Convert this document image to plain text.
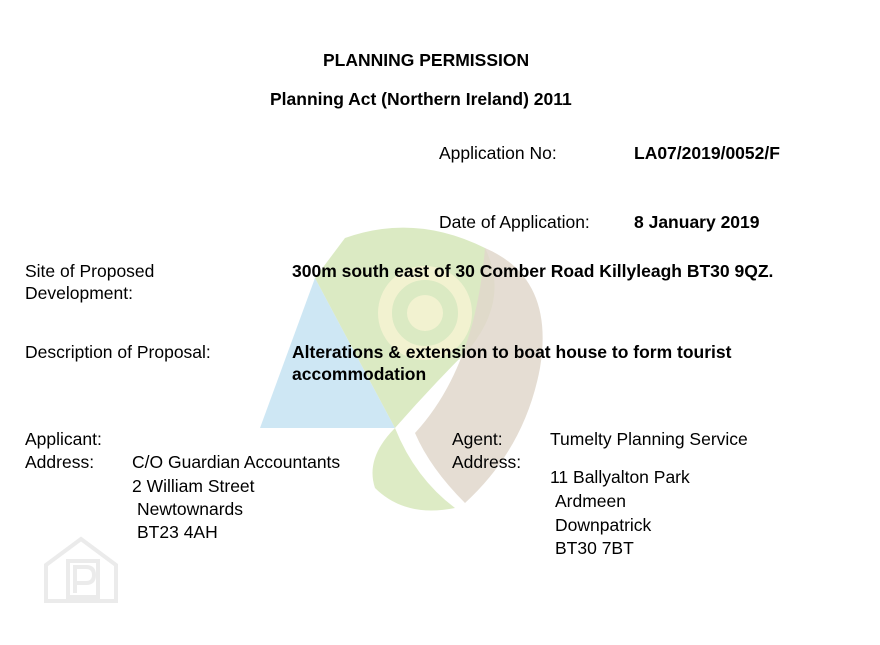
PLANNING PERMISSION
Planning Act (Northern Ireland) 2011
Application No:	LA07/2019/0052/F
Date of Application:	8 January 2019
Site of Proposed
Development:
300m south east of 30 Comber Road Killyleagh BT30 9QZ.
Description of Proposal:	Alterations & extension to boat house to form tourist
accommodation
Applicant:
Address: C/O Guardian Accountants
2 William Street
Newtownards
BT23 4AH
Agent:	Tumelty Planning Service
Address:
11 Ballyalton Park
Ardmeen
Downpatrick
BT30 7BT
